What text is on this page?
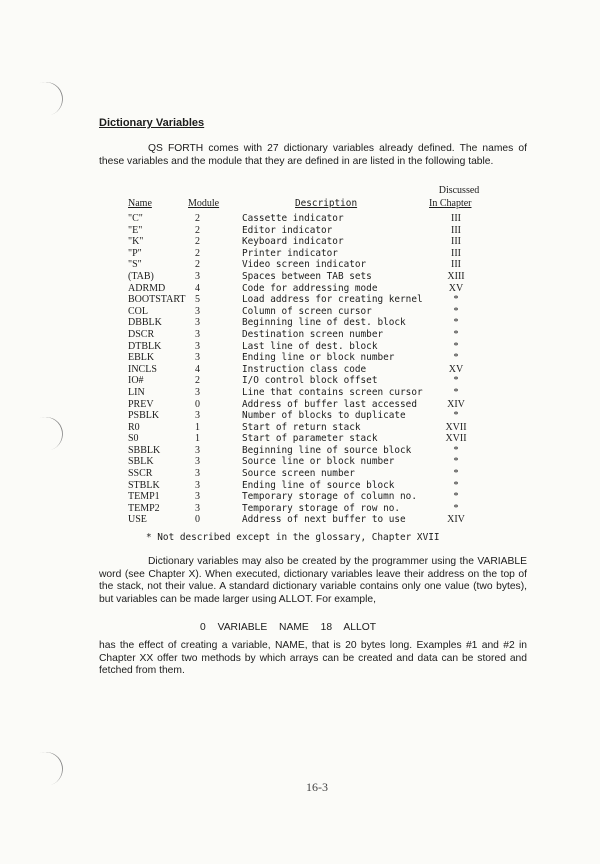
Dictionary Variables
QS FORTH comes with 27 dictionary variables already defined. The names of these variables and the module that they are defined in are listed in the following table.
Discussed
Name	Module	Description	In Chapter
"C"	2	Cassette indicator	III
"E"	2	Editor indicator	III
"K"	2	Keyboard indicator	III
"P"	2	Printer indicator	III
"S"	2	Video screen indicator	III
(TAB)	3	Spaces between TAB sets	XIII
ADRMD	4	Code for addressing mode	XV
BOOTSTART 5	Load address for creating kernel	*
COL	3	Column of screen cursor	*
DBBLK	3	Beginning line of dest. block	*
DSCR	3	Destination screen number	*
DTBLK	3	Last line of dest. block	*
EBLK	3	Ending line or block number	*
INCLS	4	Instruction class code	XV
IO#	2	I/O control block offset	*
LIN	3	Line that contains screen cursor	*
PREV	0	Address of buffer last accessed	XIV
PSBLK	3	Number of blocks to duplicate	*
R0	1	Start of return stack	XVII
S0	1	Start of parameter stack	XVII
SBBLK	3	Beginning line of source block	*
SBLK	3	Source line or block number	*
SSCR	3	Source screen number	*
STBLK	3	Ending line of source block	*
TEMP1	3	Temporary storage of column no.	*
TEMP2	3	Temporary storage of row no.	*
USE	0	Address of next buffer to use	XIV
* Not described except in the glossary, Chapter XVII
Dictionary variables may also be created by the programmer using the VARIABLE word (see Chapter X). When executed, dictionary variables leave their address on the top of the stack, not their value. A standard dictionary variable contains only one value (two bytes), but variables can be made larger using ALLOT. For example,
0 VARIABLE NAME 18 ALLOT
has the effect of creating a variable, NAME, that is 20 bytes long. Examples #1 and #2 in Chapter XX offer two methods by which arrays can be created and data can be stored and fetched from them.
16-3
